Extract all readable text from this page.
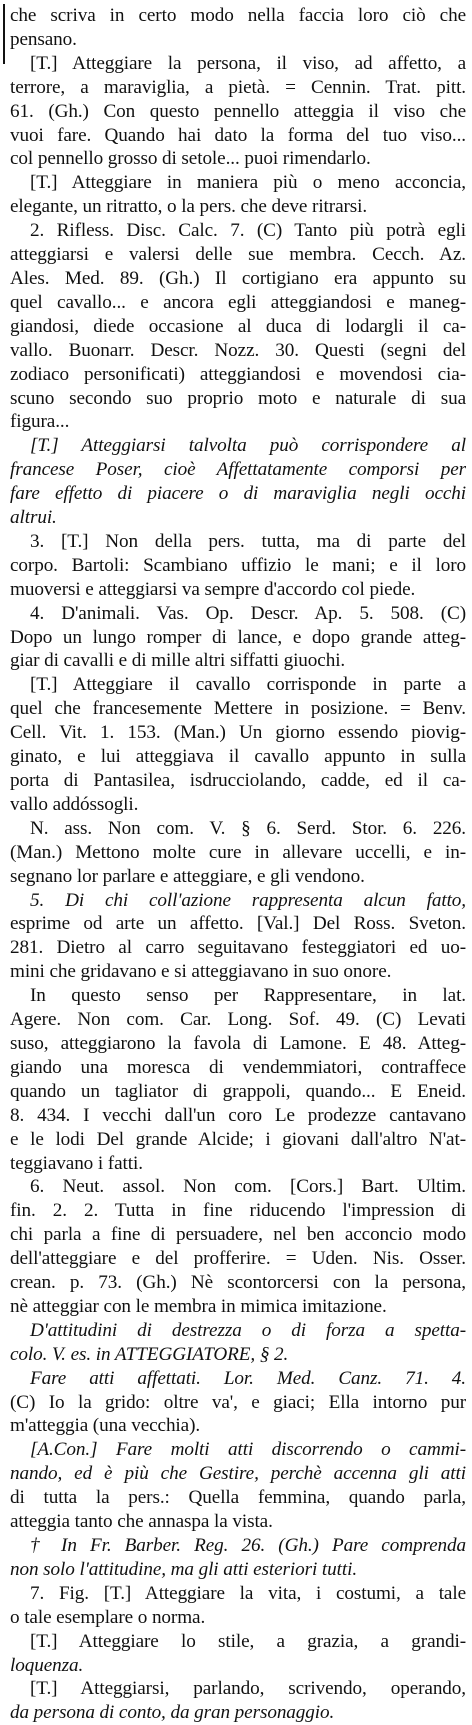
che scriva in certo modo nella faccia loro ciò che
pensano.
[T.] Atteggiare la persona, il viso, ad affetto, a
terrore, a maraviglia, a pietà. = Cennin. Trat. pitt.
61. (Gh.) Con questo pennello atteggia il viso che
vuoi fare. Quando hai dato la forma del tuo viso...
col pennello grosso di setole... puoi rimendarlo.
[T.] Atteggiare in maniera più o meno acconcia,
elegante, un ritratto, o la pers. che deve ritrarsi.
2. Rifless. Disc. Calc. 7. (C) Tanto più potrà egli
atteggiarsi e valersi delle sue membra. Cecch. Az.
Ales. Med. 89. (Gh.) Il cortigiano era appunto su
quel cavallo... e ancora egli atteggiandosi e maneg-
giandosi, diede occasione al duca di lodargli il ca-
vallo. Buonarr. Descr. Nozz. 30. Questi (segni del
zodiaco personificati) atteggiandosi e movendosi cia-
scuno secondo suo proprio moto e naturale di sua
figura...
[T.] Atteggiarsi talvolta può corrispondere al
francese Poser, cioè Affettatamente comporsi per
fare effetto di piacere o di maraviglia negli occhi
altrui.
3. [T.] Non della pers. tutta, ma di parte del
corpo. Bartoli: Scambiano uffizio le mani; e il loro
muoversi e atteggiarsi va sempre d'accordo col piede.
4. D'animali. Vas. Op. Descr. Ap. 5. 508. (C)
Dopo un lungo romper di lance, e dopo grande atteg-
giar di cavalli e di mille altri siffatti giuochi.
[T.] Atteggiare il cavallo corrisponde in parte a
quel che francesemente Mettere in posizione. = Benv.
Cell. Vit. 1. 153. (Man.) Un giorno essendo piovig-
ginato, e lui atteggiava il cavallo appunto in sulla
porta di Pantasilea, isdrucciolando, cadde, ed il ca-
vallo addóssogli.
N. ass. Non com. V. § 6. Serd. Stor. 6. 226.
(Man.) Mettono molte cure in allevare uccelli, e in-
segnano lor parlare e atteggiare, e gli vendono.
5. Di chi coll'azione rappresenta alcun fatto,
esprime od arte un affetto. [Val.] Del Ross. Sveton.
281. Dietro al carro seguitavano festeggiatori ed uo-
mini che gridavano e si atteggiavano in suo onore.
In questo senso per Rappresentare, in lat.
Agere. Non com. Car. Long. Sof. 49. (C) Levati
suso, atteggiarono la favola di Lamone. E 48. Atteg-
giando una moresca di vendemmiatori, contraffece
quando un tagliator di grappoli, quando... E Eneid.
8. 434. I vecchi dall'un coro Le prodezze cantavano
e le lodi Del grande Alcide; i giovani dall'altro N'at-
teggiavano i fatti.
6. Neut. assol. Non com. [Cors.] Bart. Ultim.
fin. 2. 2. Tutta in fine riducendo l'impression di
chi parla a fine di persuadere, nel ben acconcio modo
dell'atteggiare e del profferire. = Uden. Nis. Osser.
crean. p. 73. (Gh.) Nè scontorcersi con la persona,
nè atteggiar con le membra in mimica imitazione.
D'attitudini di destrezza o di forza a spetta-
colo. V. es. in ATTEGGIATORE, § 2.
Fare atti affettati. Lor. Med. Canz. 71. 4.
(C) Io la grido: oltre va', e giaci; Ella intorno pur
m'atteggia (una vecchia).
[A.Con.] Fare molti atti discorrendo o cammi-
nando, ed è più che Gestire, perchè accenna gli atti
di tutta la pers.: Quella femmina, quando parla,
atteggia tanto che annaspa la vista.
† In Fr. Barber. Reg. 26. (Gh.) Pare comprenda
non solo l'attitudine, ma gli atti esteriori tutti.
7. Fig. [T.] Atteggiare la vita, i costumi, a tale
o tale esemplare o norma.
[T.] Atteggiare lo stile, a grazia, a grandi-
loquenza.
[T.] Atteggiarsi, parlando, scrivendo, operando,
da persona di conto, da gran personaggio.
